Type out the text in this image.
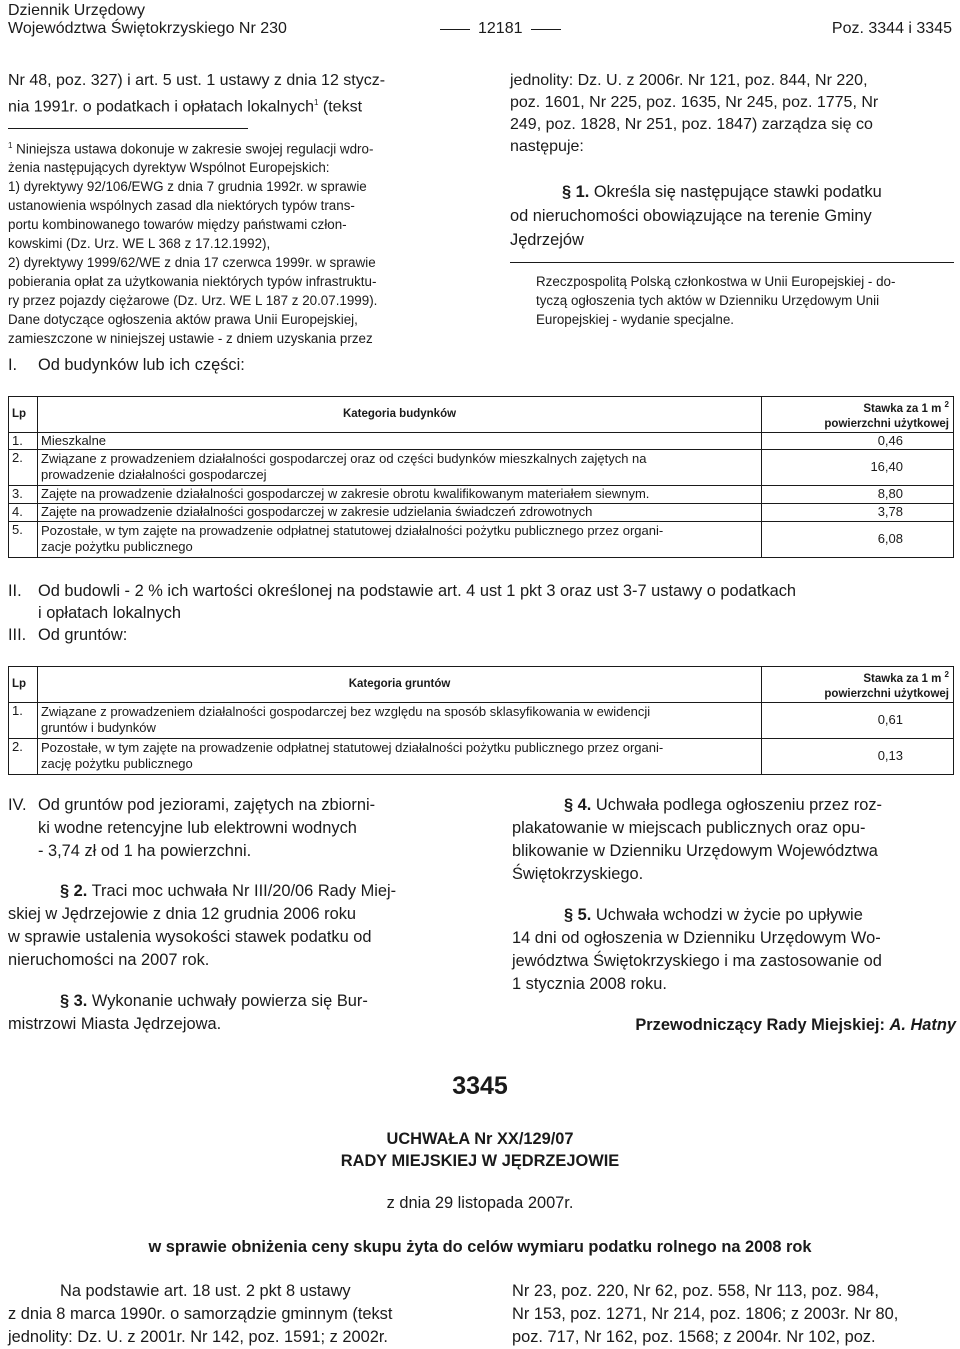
Dziennik Urzędowy
Województwa Świętokrzyskiego Nr 230	12181	Poz. 3344 i 3345
Nr 48, poz. 327) i art. 5 ust. 1 ustawy z dnia 12 stycz-
nia 1991r. o podatkach i opłatach lokalnych$^1$ (tekst
$^1$ Niniejsza ustawa dokonuje w zakresie swojej regulacji wdro-
żenia następujących dyrektyw Wspólnot Europejskich:
1) dyrektywy 92/106/EWG z dnia 7 grudnia 1992r. w sprawie
ustanowienia wspólnych zasad dla niektórych typów trans-
portu kombinowanego towarów między państwami człon-
kowskimi (Dz. Urz. WE L 368 z 17.12.1992),
2) dyrektywy 1999/62/WE z dnia 17 czerwca 1999r. w sprawie
pobierania opłat za użytkowania niektórych typów infrastruktu-
ry przez pojazdy ciężarowe (Dz. Urz. WE L 187 z 20.07.1999).
Dane dotyczące ogłoszenia aktów prawa Unii Europejskiej,
zamieszczone w niniejszej ustawie - z dniem uzyskania przez
jednolity: Dz. U. z 2006r. Nr 121, poz. 844, Nr 220,
poz. 1601, Nr 225, poz. 1635, Nr 245, poz. 1775, Nr
249, poz. 1828, Nr 251, poz. 1847) zarządza się co
następuje:
§ 1. Określa się następujące stawki podatku
od nieruchomości obowiązujące na terenie Gminy
Jędrzejów
Rzeczpospolitą Polską członkostwa w Unii Europejskiej - do-
tyczą ogłoszenia tych aktów w Dzienniku Urzędowym Unii
Europejskiej - wydanie specjalne.
I. Od budynków lub ich części:
Lp	Kategoria budynków	Stawka za 1 m $^2$
powierzchni użytkowej

1.	Mieszkalne	0,46
2.	Związane z prowadzeniem działalności gospodarczej oraz od części budynków mieszkalnych zajętych na
prowadzenie działalności gospodarczej	16,40
3.	Zajęte na prowadzenie działalności gospodarczej w zakresie obrotu kwalifikowanym materiałem siewnym.	8,80
4.	Zajęte na prowadzenie działalności gospodarczej w zakresie udzielania świadczeń zdrowotnych	3,78
5.	Pozostałe, w tym zajęte na prowadzenie odpłatnej statutowej działalności pożytku publicznego przez organi-
zacje pożytku publicznego	6,08
II. Od budowli - 2 % ich wartości określonej na podstawie art. 4 ust 1 pkt 3 oraz ust 3-7 ustawy o podatkach
i opłatach lokalnych
III. Od gruntów:
Lp	Kategoria gruntów	Stawka za 1 m $^2$
powierzchni użytkowej

1.	Związane z prowadzeniem działalności gospodarczej bez względu na sposób sklasyfikowania w ewidencji
gruntów i budynków	0,61
2.	Pozostałe, w tym zajęte na prowadzenie odpłatnej statutowej działalności pożytku publicznego przez organi-
zację pożytku publicznego	0,13
IV. Od gruntów pod jeziorami, zajętych na zbiorni-
ki wodne retencyjne lub elektrowni wodnych
- 3,74 zł od 1 ha powierzchni.
§ 2. Traci moc uchwała Nr III/20/06 Rady Miej-
skiej w Jędrzejowie z dnia 12 grudnia 2006 roku
w sprawie ustalenia wysokości stawek podatku od
nieruchomości na 2007 rok.
§ 3. Wykonanie uchwały powierza się Bur-
mistrzowi Miasta Jędrzejowa.
§ 4. Uchwała podlega ogłoszeniu przez roz-
plakatowanie w miejscach publicznych oraz opu-
blikowanie w Dzienniku Urzędowym Województwa
Świętokrzyskiego.
§ 5. Uchwała wchodzi w życie po upływie
14 dni od ogłoszenia w Dzienniku Urzędowym Wo-
jewództwa Świętokrzyskiego i ma zastosowanie od
1 stycznia 2008 roku.
Przewodniczący Rady Miejskiej: A. Hatny
3345
UCHWAŁA Nr XX/129/07
RADY MIEJSKIEJ W JĘDRZEJOWIE
z dnia 29 listopada 2007r.
w sprawie obniżenia ceny skupu żyta do celów wymiaru podatku rolnego na 2008 rok
Na podstawie art. 18 ust. 2 pkt 8 ustawy
z dnia 8 marca 1990r. o samorządzie gminnym (tekst
jednolity: Dz. U. z 2001r. Nr 142, poz. 1591; z 2002r.
Nr 23, poz. 220, Nr 62, poz. 558, Nr 113, poz. 984,
Nr 153, poz. 1271, Nr 214, poz. 1806; z 2003r. Nr 80,
poz. 717, Nr 162, poz. 1568; z 2004r. Nr 102, poz.
